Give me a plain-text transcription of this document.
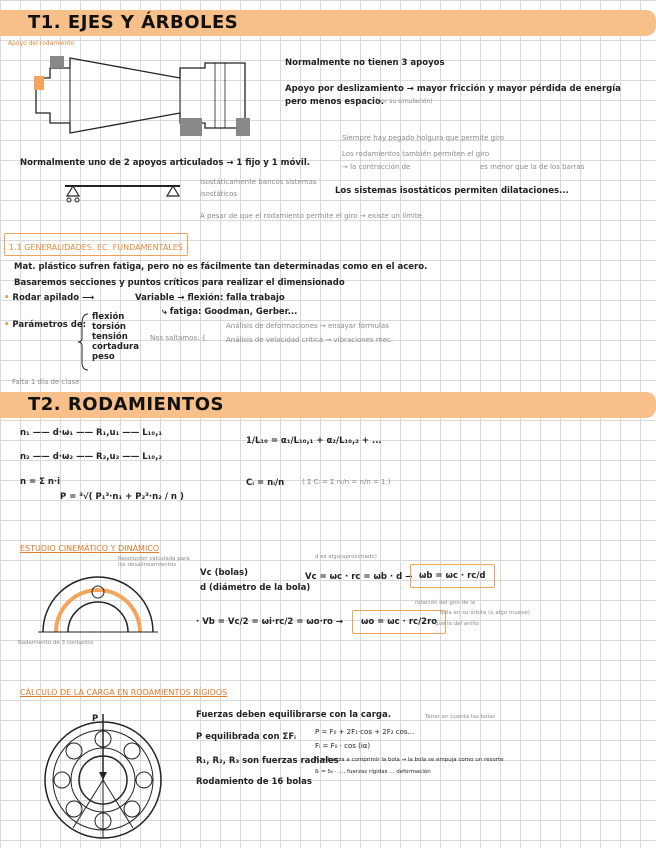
T1. EJES Y ÁRBOLES
Apoyo del rodamiento
Normalmente no tienen 3 apoyos
Apoyo por deslizamiento → mayor fricción y mayor pérdida de energía
pero menos espacio.
(por su simulación)
Siempre hay pegado holgura que permite giro
Los rodamientos también permiten el giro
→ la contracción de	es menor que la de los barras
Normalmente uno de 2 apoyos articulados → 1 fijo y 1 móvil.
Isostáticamente bancos sistemas
isostáticos	Los sistemas isostáticos permiten dilataciones...
A pesar de que el rodamiento permite el giro → existe un límite.
1.1 GENERALIDADES. EC. FUNDAMENTALES
Mat. plástico sufren fatiga, pero no es fácilmente tan determinadas como en el acero.
Basaremos secciones y puntos críticos para realizar el dimensionado
• Rodar apilado ⟶	Variable → flexión: falla trabajo
⤷ fatiga: Goodman, Gerber...
• Parámetros de:
flexión
torsión
tensión
cortadura
peso
Nos saltamos: {
Análisis de deformaciones → ensayar fórmulas
Análisis de velocidad crítica → vibraciones mec.
Falta 1 día de clase
T2. RODAMIENTOS
n₁ —— d·ω₁ —— R₁,u₁ —— L₁₀,₁
n₂ —— d·ω₂ —— R₂,u₂ —— L₁₀,₂
n = Σ n·i
P = ³√( P₁³·n₁ + P₂³·n₂ / n )
1/L₁₀ = α₁/L₁₀,₁ + α₂/L₁₀,₂ + ...
Cᵢ = nᵢ/n	( Σ Cᵢ = Σ nᵢ/n = n/n = 1 )
ESTUDIO CINEMÁTICO Y DINÁMICO
Resolución calculada para los desalineamientos
Rodamiento de 3 contactos
Vc (bolas)
d (diámetro de la bola)
d es algo(aproximado)
Vc = ωc · rc = ωb · d → ωb = ωc · rc/d
· Vb = Vc/2 = ωi·rc/2 = ωo·ro →	ωo = ωc · rc/2ro
rotación del giro de la
bola en su órbita (o algo mueve)
que la del anillo
CÁLCULO DE LA CARGA EN RODAMIENTOS RÍGIDOS
P	Fuerzas deben equilibrarse con la carga.
P equilibrada con ΣFᵢ
R₁, R₂, R₃ son fuerzas radiales
Rodamiento de 16 bolas
P = F₀ + 2F₁·cos + 2F₂ cos...
Fᵢ = F₀ · cos (iα)
Tener en cuenta las bolas
Fᵢ → fuerza a comprimir la bola → la bola se empuja como un resorte
δᵢ = δ₀ · ..., fuerzas rígidas ... deformación
